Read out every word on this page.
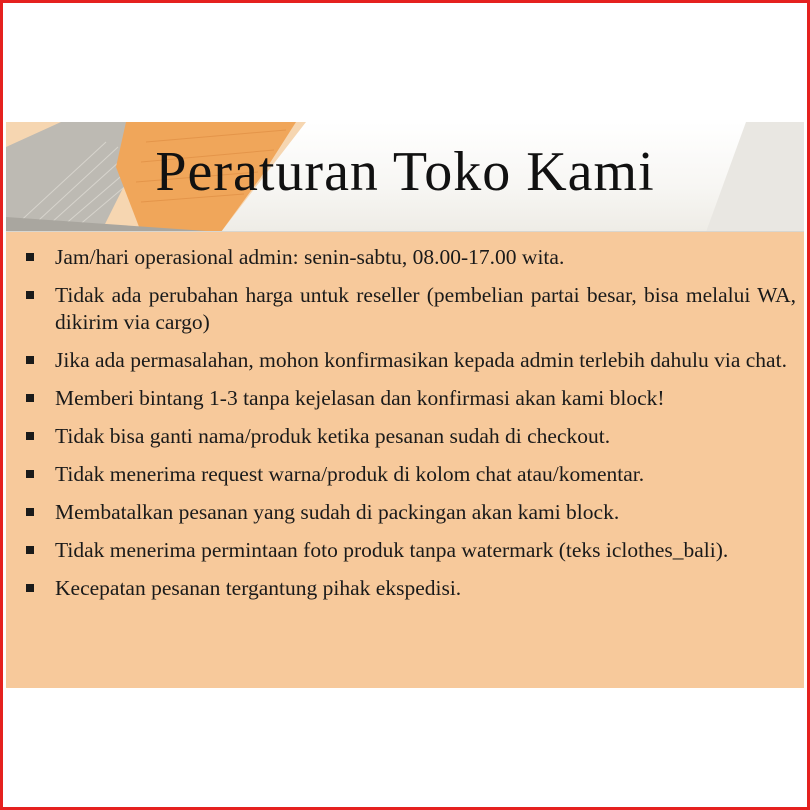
Peraturan Toko Kami
Jam/hari operasional admin: senin-sabtu, 08.00-17.00 wita.
Tidak ada perubahan harga untuk reseller (pembelian partai besar, bisa melalui WA, dikirim via cargo)
Jika ada permasalahan, mohon konfirmasikan kepada admin terlebih dahulu via chat.
Memberi bintang 1-3 tanpa kejelasan dan konfirmasi akan kami block!
Tidak bisa ganti nama/produk ketika pesanan sudah di checkout.
Tidak menerima request warna/produk di kolom chat atau/komentar.
Membatalkan pesanan yang sudah di packingan akan kami block.
Tidak menerima permintaan foto produk tanpa watermark (teks iclothes_bali).
Kecepatan pesanan tergantung pihak ekspedisi.
